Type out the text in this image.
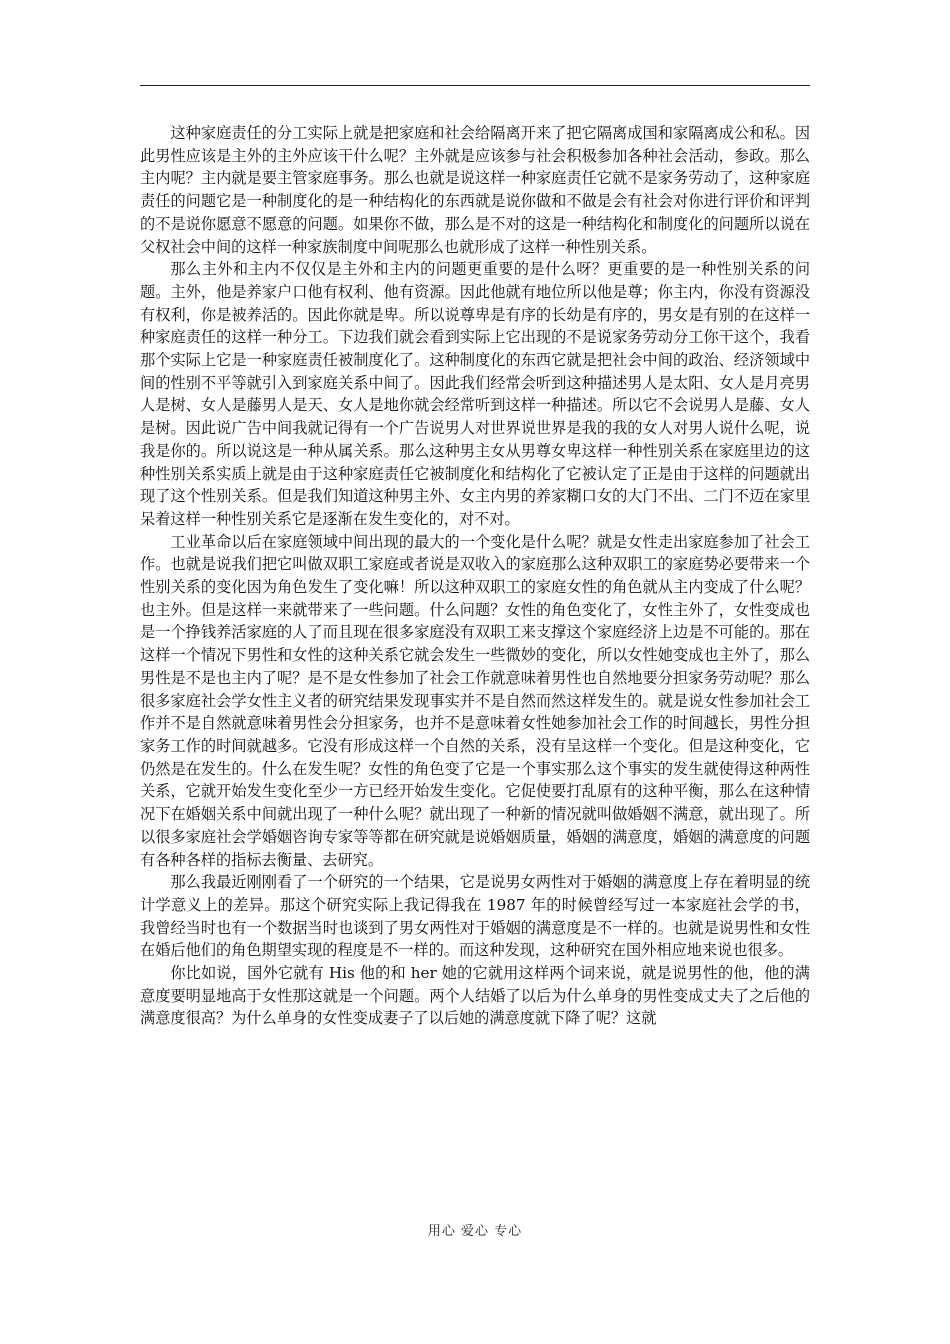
这种家庭责任的分工实际上就是把家庭和社会给隔离开来了把它隔离成国和家隔离成公和私。因此男性应该是主外的主外应该干什么呢？主外就是应该参与社会积极参加各种社会活动，参政。那么主内呢？主内就是要主管家庭事务。那么也就是说这样一种家庭责任它就不是家务劳动了，这种家庭责任的问题它是一种制度化的是一种结构化的东西就是说你做和不做是会有社会对你进行评价和评判的不是说你愿意不愿意的问题。如果你不做，那么是不对的这是一种结构化和制度化的问题所以说在父权社会中间的这样一种家族制度中间呢那么也就形成了这样一种性别关系。

那么主外和主内不仅仅是主外和主内的问题更重要的是什么呀？更重要的是一种性别关系的问题。主外，他是养家户口他有权利、他有资源。因此他就有地位所以他是尊；你主内，你没有资源没有权利，你是被养活的。因此你就是卑。所以说尊卑是有序的长幼是有序的，男女是有别的在这样一种家庭责任的这样一种分工。下边我们就会看到实际上它出现的不是说家务劳动分工你干这个，我看那个实际上它是一种家庭责任被制度化了。这种制度化的东西它就是把社会中间的政治、经济领域中间的性别不平等就引入到家庭关系中间了。因此我们经常会听到这种描述男人是太阳、女人是月亮男人是树、女人是藤男人是天、女人是地你就会经常听到这样一种描述。所以它不会说男人是藤、女人是树。因此说广告中间我就记得有一个广告说男人对世界说世界是我的我的女人对男人说什么呢，说我是你的。所以说这是一种从属关系。那么这种男主女从男尊女卑这样一种性别关系在家庭里边的这种性别关系实质上就是由于这种家庭责任它被制度化和结构化了它被认定了正是由于这样的问题就出现了这个性别关系。但是我们知道这种男主外、女主内男的养家糊口女的大门不出、二门不迈在家里呆着这样一种性别关系它是逐渐在发生变化的，对不对。

工业革命以后在家庭领域中间出现的最大的一个变化是什么呢？就是女性走出家庭参加了社会工作。也就是说我们把它叫做双职工家庭或者说是双收入的家庭那么这种双职工的家庭势必要带来一个性别关系的变化因为角色发生了变化嘛！所以这种双职工的家庭女性的角色就从主内变成了什么呢？也主外。但是这样一来就带来了一些问题。什么问题？女性的角色变化了，女性主外了，女性变成也是一个挣钱养活家庭的人了而且现在很多家庭没有双职工来支撑这个家庭经济上边是不可能的。那在这样一个情况下男性和女性的这种关系它就会发生一些微妙的变化，所以女性她变成也主外了，那么男性是不是也主内了呢？是不是女性参加了社会工作就意味着男性也自然地要分担家务劳动呢？那么很多家庭社会学女性主义者的研究结果发现事实并不是自然而然这样发生的。就是说女性参加社会工作并不是自然就意味着男性会分担家务，也并不是意味着女性她参加社会工作的时间越长，男性分担家务工作的时间就越多。它没有形成这样一个自然的关系，没有呈这样一个变化。但是这种变化，它仍然是在发生的。什么在发生呢？女性的角色变了它是一个事实那么这个事实的发生就使得这种两性关系，它就开始发生变化至少一方已经开始发生变化。它促使要打乱原有的这种平衡，那么在这种情况下在婚姻关系中间就出现了一种什么呢？就出现了一种新的情况就叫做婚姻不满意，就出现了。所以很多家庭社会学婚姻咨询专家等等都在研究就是说婚姻质量，婚姻的满意度，婚姻的满意度的问题有各种各样的指标去衡量、去研究。

那么我最近刚刚看了一个研究的一个结果，它是说男女两性对于婚姻的满意度上存在着明显的统计学意义上的差异。那这个研究实际上我记得我在 1987 年的时候曾经写过一本家庭社会学的书，我曾经当时也有一个数据当时也谈到了男女两性对于婚姻的满意度是不一样的。也就是说男性和女性在婚后他们的角色期望实现的程度是不一样的。而这种发现，这种研究在国外相应地来说也很多。

你比如说，国外它就有 His 他的和 her 她的它就用这样两个词来说，就是说男性的他，他的满意度要明显地高于女性那这就是一个问题。两个人结婚了以后为什么单身的男性变成丈夫了之后他的满意度很高？为什么单身的女性变成妻子了以后她的满意度就下降了呢？这就

用心 爱心 专心
